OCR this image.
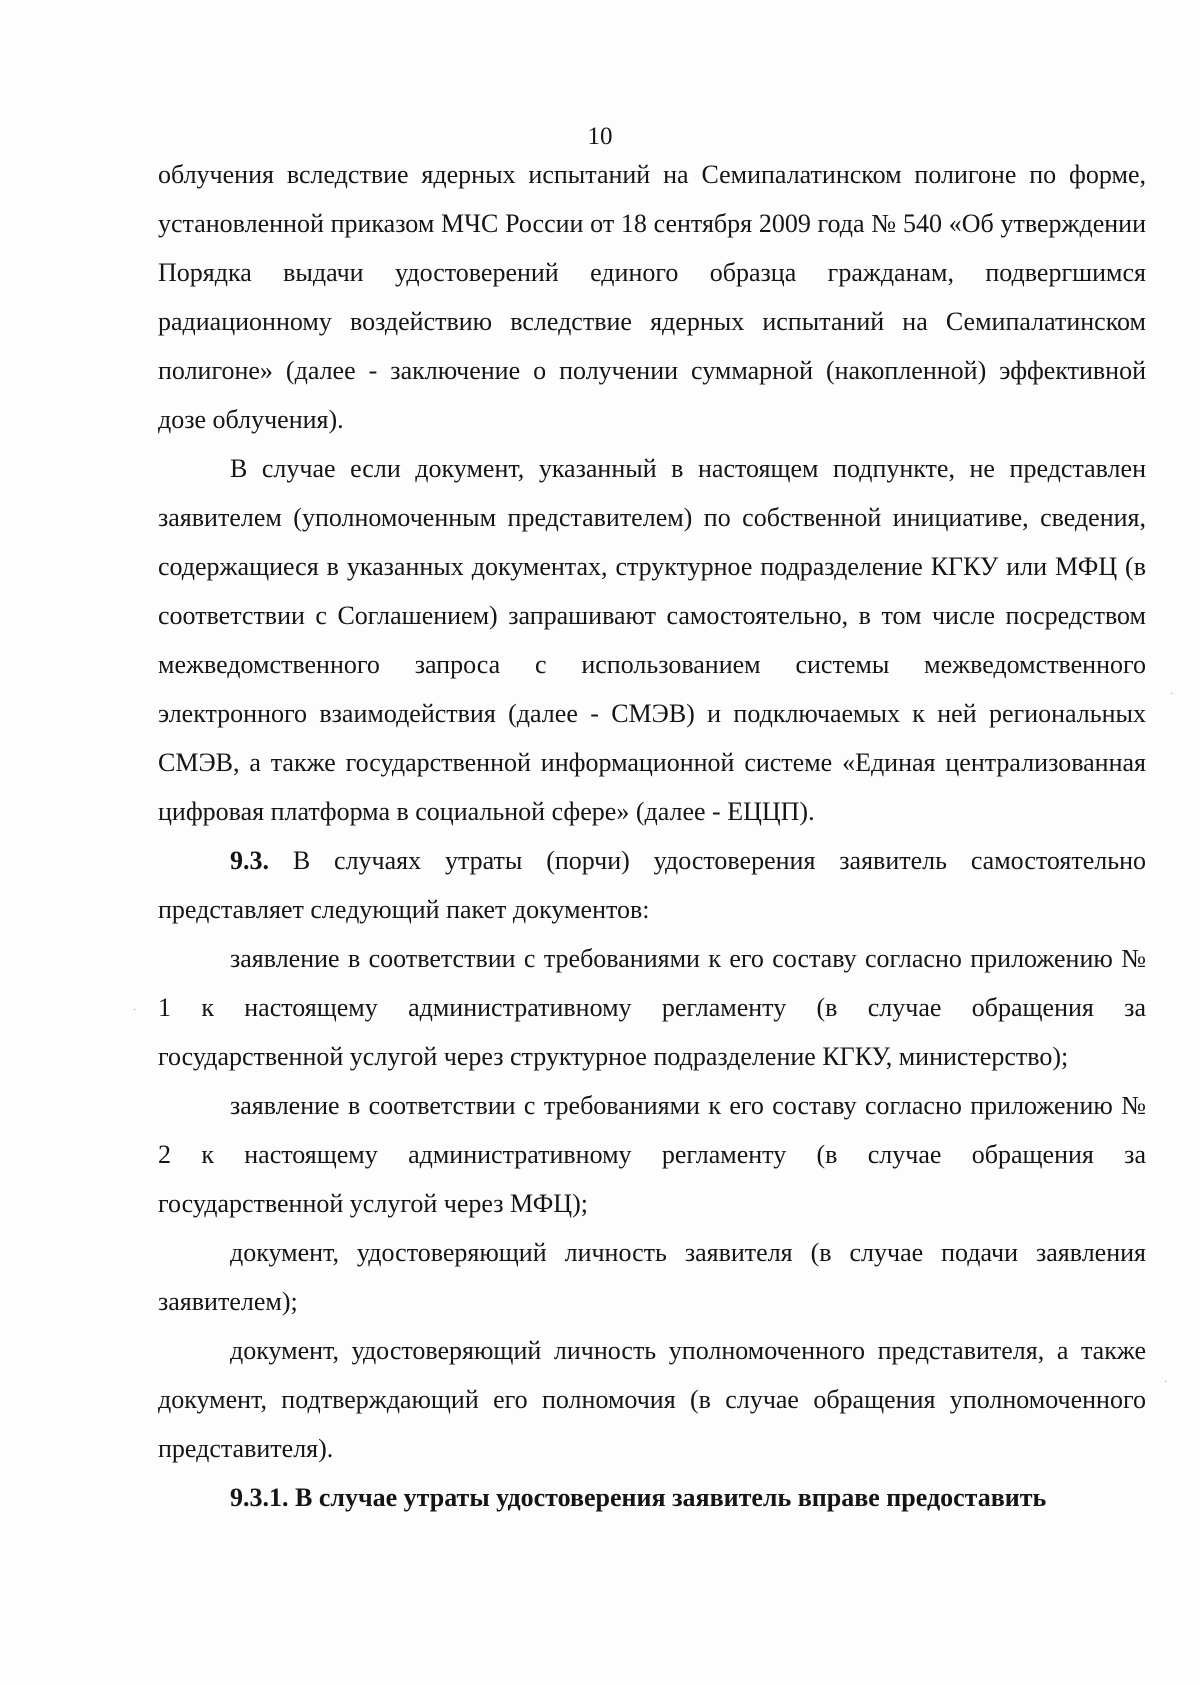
10

облучения вследствие ядерных испытаний на Семипалатинском полигоне по форме, установленной приказом МЧС России от 18 сентября 2009 года № 540 «Об утверждении Порядка выдачи удостоверений единого образца гражданам, подвергшимся радиационному воздействию вследствие ядерных испытаний на Семипалатинском полигоне» (далее - заключение о получении суммарной (накопленной) эффективной дозе облучения).

В случае если документ, указанный в настоящем подпункте, не представлен заявителем (уполномоченным представителем) по собственной инициативе, сведения, содержащиеся в указанных документах, структурное подразделение КГКУ или МФЦ (в соответствии с Соглашением) запрашивают самостоятельно, в том числе посредством межведомственного запроса с использованием системы межведомственного электронного взаимодействия (далее - СМЭВ) и подключаемых к ней региональных СМЭВ, а также государственной информационной системе «Единая централизованная цифровая платформа в социальной сфере» (далее - ЕЦЦП).

9.3. В случаях утраты (порчи) удостоверения заявитель самостоятельно представляет следующий пакет документов:

заявление в соответствии с требованиями к его составу согласно приложению № 1 к настоящему административному регламенту (в случае обращения за государственной услугой через структурное подразделение КГКУ, министерство);

заявление в соответствии с требованиями к его составу согласно приложению № 2 к настоящему административному регламенту (в случае обращения за государственной услугой через МФЦ);

документ, удостоверяющий личность заявителя (в случае подачи заявления заявителем);

документ, удостоверяющий личность уполномоченного представителя, а также документ, подтверждающий его полномочия (в случае обращения уполномоченного представителя).

9.3.1. В случае утраты удостоверения заявитель вправе предоставить

·
·
·
